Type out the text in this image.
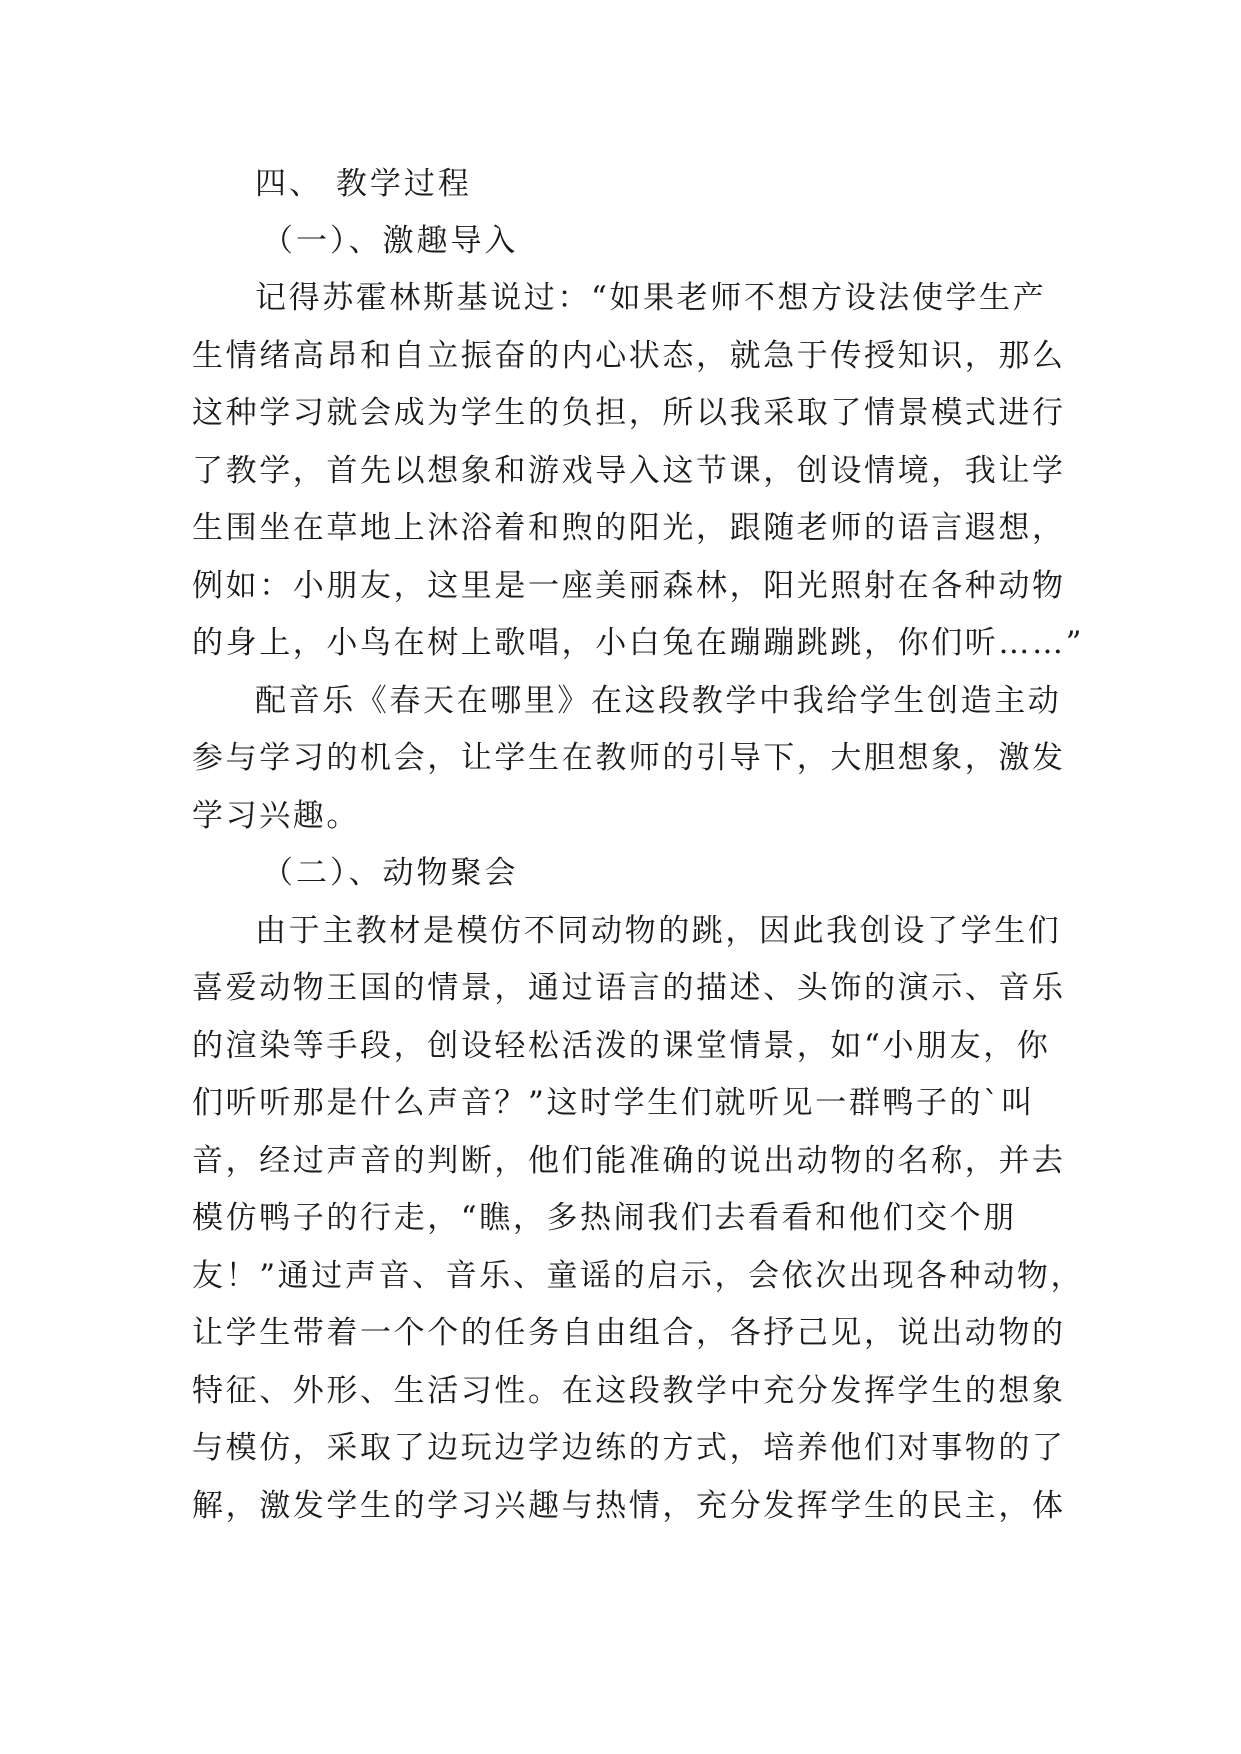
四、 教学过程
（一）、激趣导入
记得苏霍林斯基说过：“如果老师不想方设法使学生产
生情绪高昂和自立振奋的内心状态，就急于传授知识，那么
这种学习就会成为学生的负担，所以我采取了情景模式进行
了教学，首先以想象和游戏导入这节课，创设情境，我让学
生围坐在草地上沐浴着和煦的阳光，跟随老师的语言遐想，
例如：小朋友，这里是一座美丽森林，阳光照射在各种动物
的身上，小鸟在树上歌唱，小白兔在蹦蹦跳跳，你们听……”
配音乐《春天在哪里》在这段教学中我给学生创造主动
参与学习的机会，让学生在教师的引导下，大胆想象，激发
学习兴趣。
（二）、动物聚会
由于主教材是模仿不同动物的跳，因此我创设了学生们
喜爱动物王国的情景，通过语言的描述、头饰的演示、音乐
的渲染等手段，创设轻松活泼的课堂情景，如“小朋友，你
们听听那是什么声音？”这时学生们就听见一群鸭子的`叫
音，经过声音的判断，他们能准确的说出动物的名称，并去
模仿鸭子的行走，“瞧，多热闹我们去看看和他们交个朋
友！”通过声音、音乐、童谣的启示，会依次出现各种动物，
让学生带着一个个的任务自由组合，各抒己见，说出动物的
特征、外形、生活习性。在这段教学中充分发挥学生的想象
与模仿，采取了边玩边学边练的方式，培养他们对事物的了
解，激发学生的学习兴趣与热情，充分发挥学生的民主，体
